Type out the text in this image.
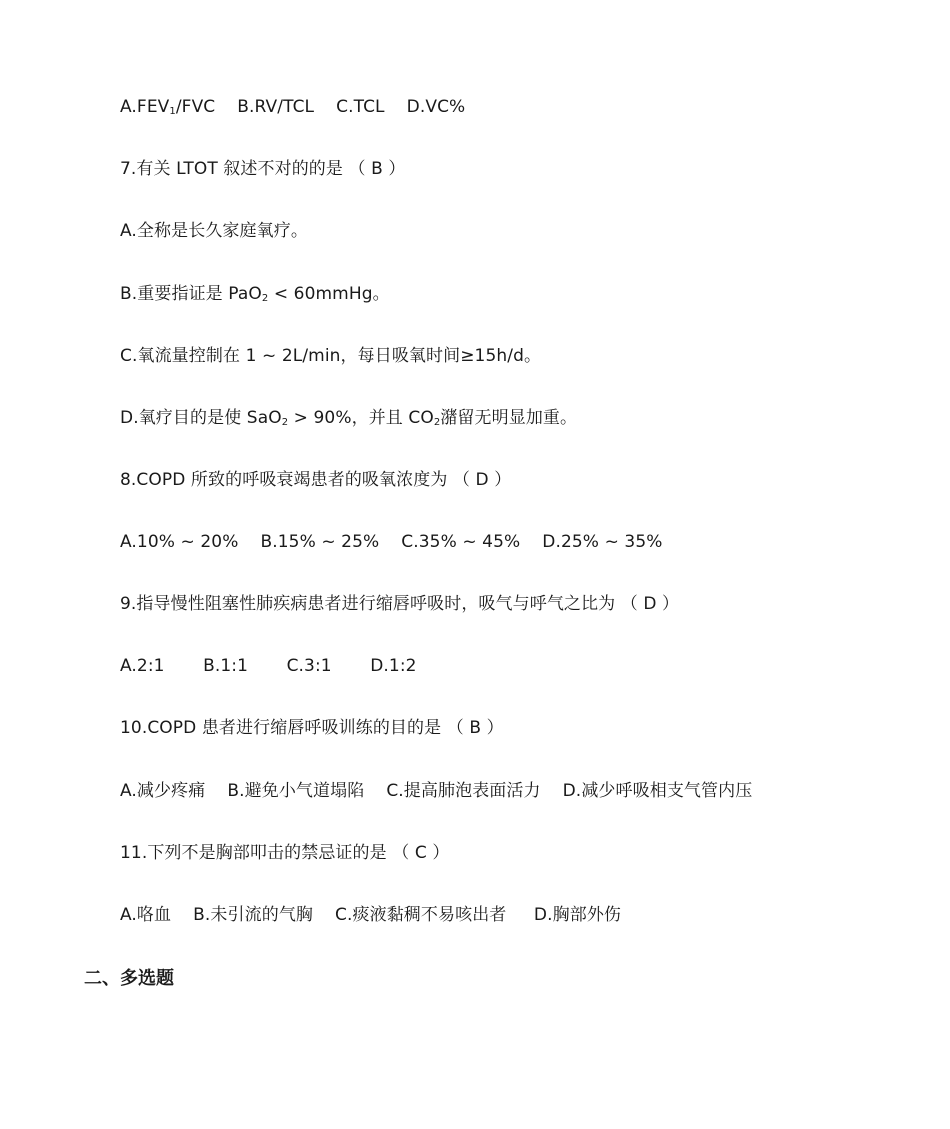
$A.FEV_1$/FVC    B.RV/TCL    C.TCL    D.VC%
7.有关 LTOT 叙述不对的的是 （ B ）
A.全称是长久家庭氧疗。
B.重要指证是 PaO$_2$ < 60mmHg。
C.氧流量控制在 1 ~ 2L/min，每日吸氧时间≥15h/d。
D.氧疗目的是使 SaO$_2$ > 90%，并且 $CO_2$潴留无明显加重。
8.COPD 所致的呼吸衰竭患者的吸氧浓度为 （ D ）
A.10% ~ 20%    B.15% ~ 25%    C.35% ~ 45%    D.25% ~ 35%
9.指导慢性阻塞性肺疾病患者进行缩唇呼吸时，吸气与呼气之比为 （ D ）
A.2:1       B.1:1       C.3:1       D.1:2
10.COPD 患者进行缩唇呼吸训练的目的是 （ B ）
A.减少疼痛    B.避免小气道塌陷    C.提高肺泡表面活力    D.减少呼吸相支气管内压
11.下列不是胸部叩击的禁忌证的是 （ C ）
A.咯血    B.未引流的气胸    C.痰液黏稠不易咳出者     D.胸部外伤
二、多选题
